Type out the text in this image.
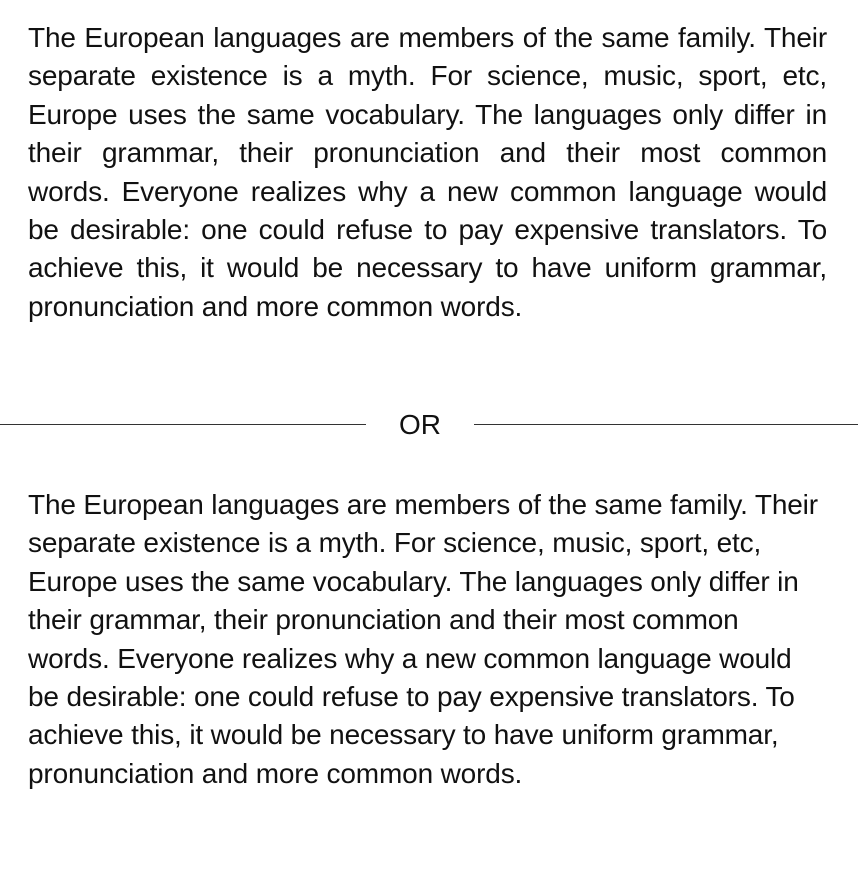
The European languages are members of the same family. Their separate existence is a myth. For science, music, sport, etc, Europe uses the same vocabulary. The languages only differ in their grammar, their pronunciation and their most common words. Everyone realizes why a new common language would be desirable: one could refuse to pay expensive translators. To achieve this, it would be necessary to have uniform grammar, pronunciation and more common words.

OR

The European languages are members of the same family. Their separate existence is a myth. For science, music, sport, etc, Europe uses the same vocabulary. The languages only differ in their grammar, their pronunciation and their most common words. Everyone realizes why a new common language would be desirable: one could refuse to pay expensive translators. To achieve this, it would be necessary to have uniform grammar, pronunciation and more common words.
